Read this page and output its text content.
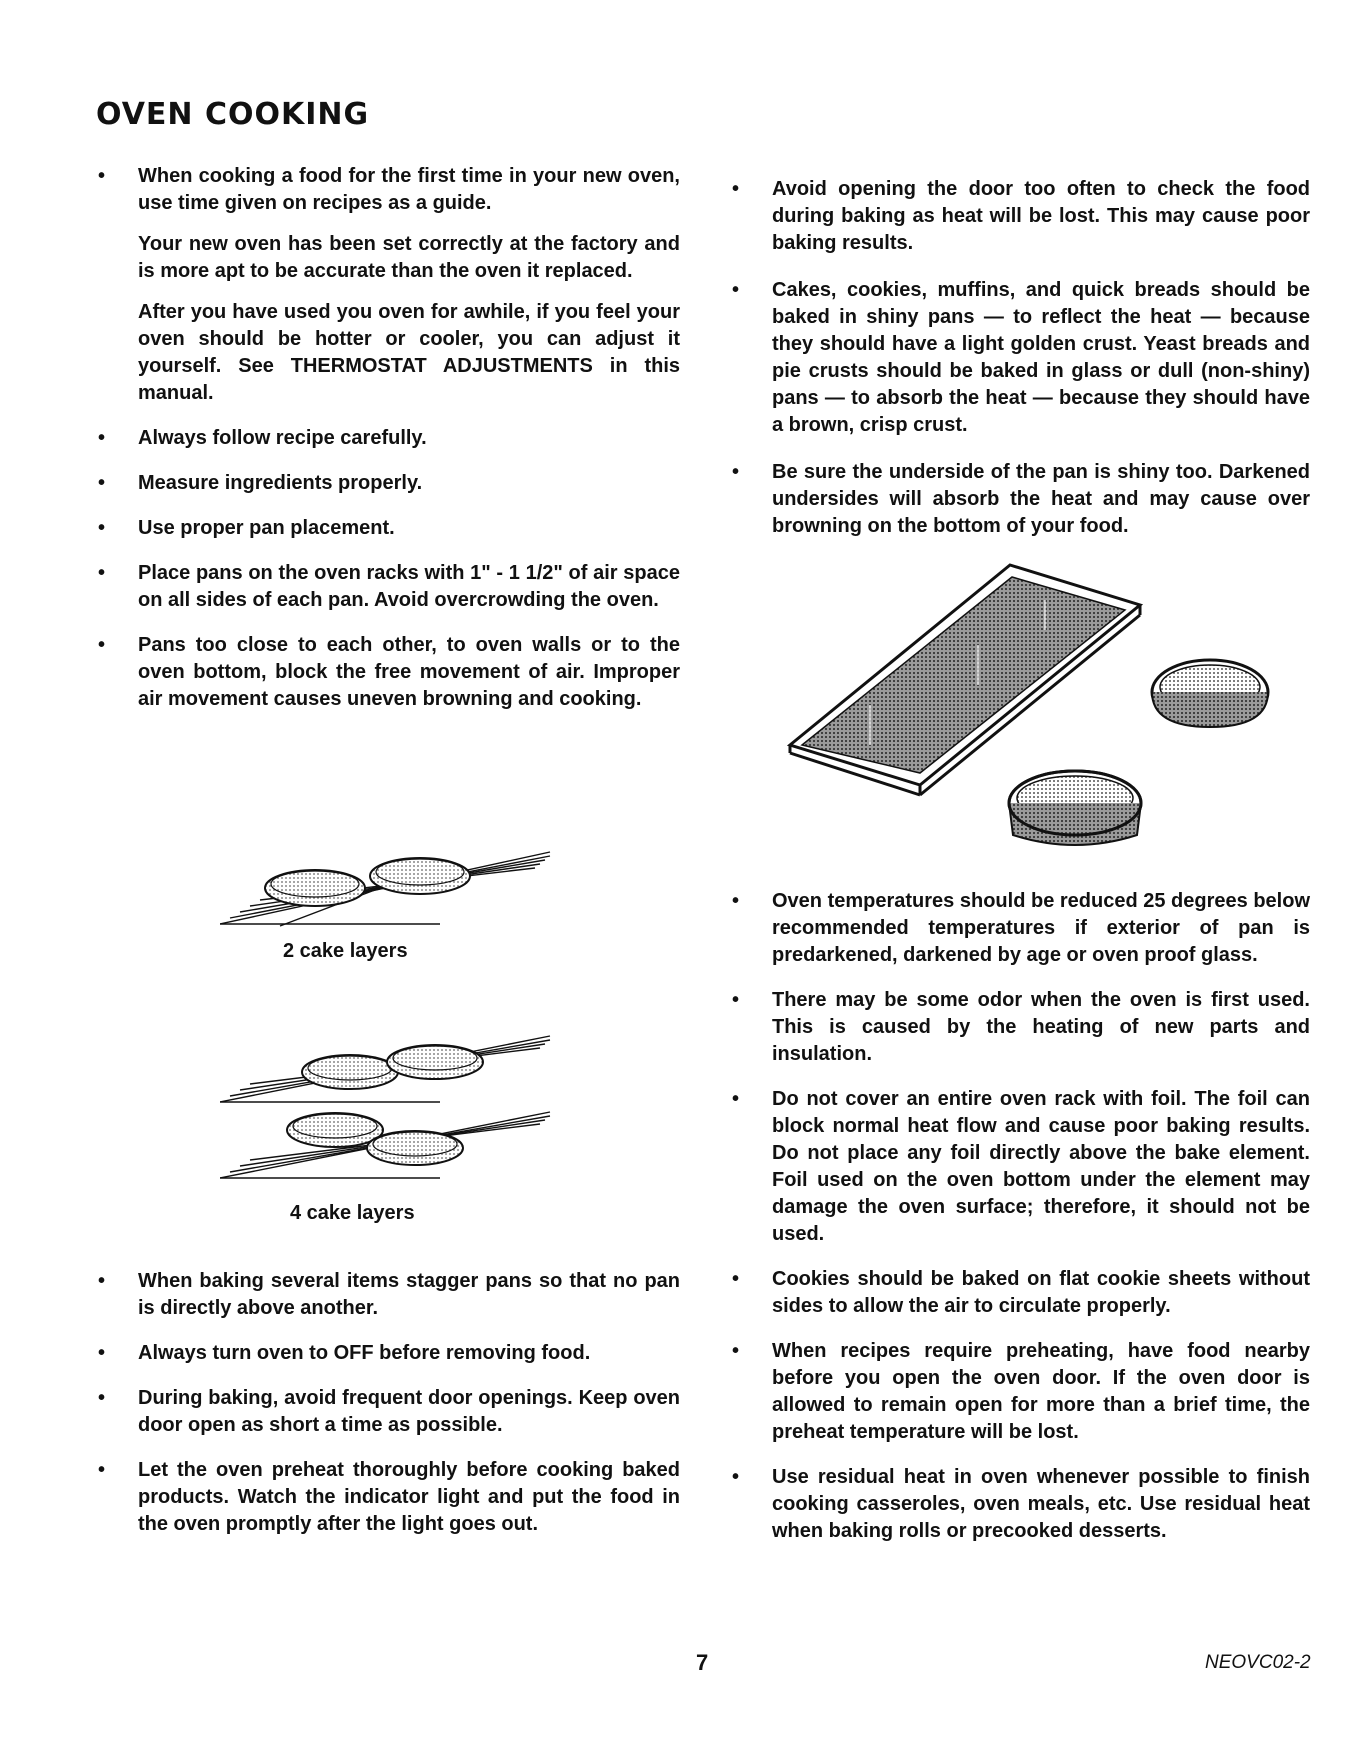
OVEN COOKING
•	When cooking a food for the first time in your new oven, use time given on recipes as a guide.
Your new oven has been set correctly at the factory and is more apt to be accurate than the oven it replaced.
After you have used you oven for awhile, if you feel your oven should be hotter or cooler, you can adjust it yourself. See THERMOSTAT ADJUSTMENTS in this manual.
•	Always follow recipe carefully.
•	Measure ingredients properly.
•	Use proper pan placement.
•	Place pans on the oven racks with 1" - 1 1/2" of air space on all sides of each pan. Avoid overcrowding the oven.
•	Pans too close to each other, to oven walls or to the oven bottom, block the free movement of air. Improper air movement causes uneven browning and cooking.
2 cake layers
4 cake layers
•	When baking several items stagger pans so that no pan is directly above another.
•	Always turn oven to OFF before removing food.
•	During baking, avoid frequent door openings. Keep oven door open as short a time as possible.
•	Let the oven preheat thoroughly before cooking baked products. Watch the indicator light and put the food in the oven promptly after the light goes out.
•	Avoid opening the door too often to check the food during baking as heat will be lost. This may cause poor baking results.
•	Cakes, cookies, muffins, and quick breads should be baked in shiny pans — to reflect the heat — because they should have a light golden crust. Yeast breads and pie crusts should be baked in glass or dull (non-shiny) pans — to absorb the heat — because they should have a brown, crisp crust.
•	Be sure the underside of the pan is shiny too. Darkened undersides will absorb the heat and may cause over browning on the bottom of your food.
•	Oven temperatures should be reduced 25 degrees below recommended temperatures if exterior of pan is predarkened, darkened by age or oven proof glass.
•	There may be some odor when the oven is first used. This is caused by the heating of new parts and insulation.
•	Do not cover an entire oven rack with foil. The foil can block normal heat flow and cause poor baking results. Do not place any foil directly above the bake element. Foil used on the oven bottom under the element may damage the oven surface; therefore, it should not be used.
•	Cookies should be baked on flat cookie sheets without sides to allow the air to circulate properly.
•	When recipes require preheating, have food nearby before you open the oven door. If the oven door is allowed to remain open for more than a brief time, the preheat temperature will be lost.
•	Use residual heat in oven whenever possible to finish cooking casseroles, oven meals, etc. Use residual heat when baking rolls or precooked desserts.
7	NEOVC02-2
